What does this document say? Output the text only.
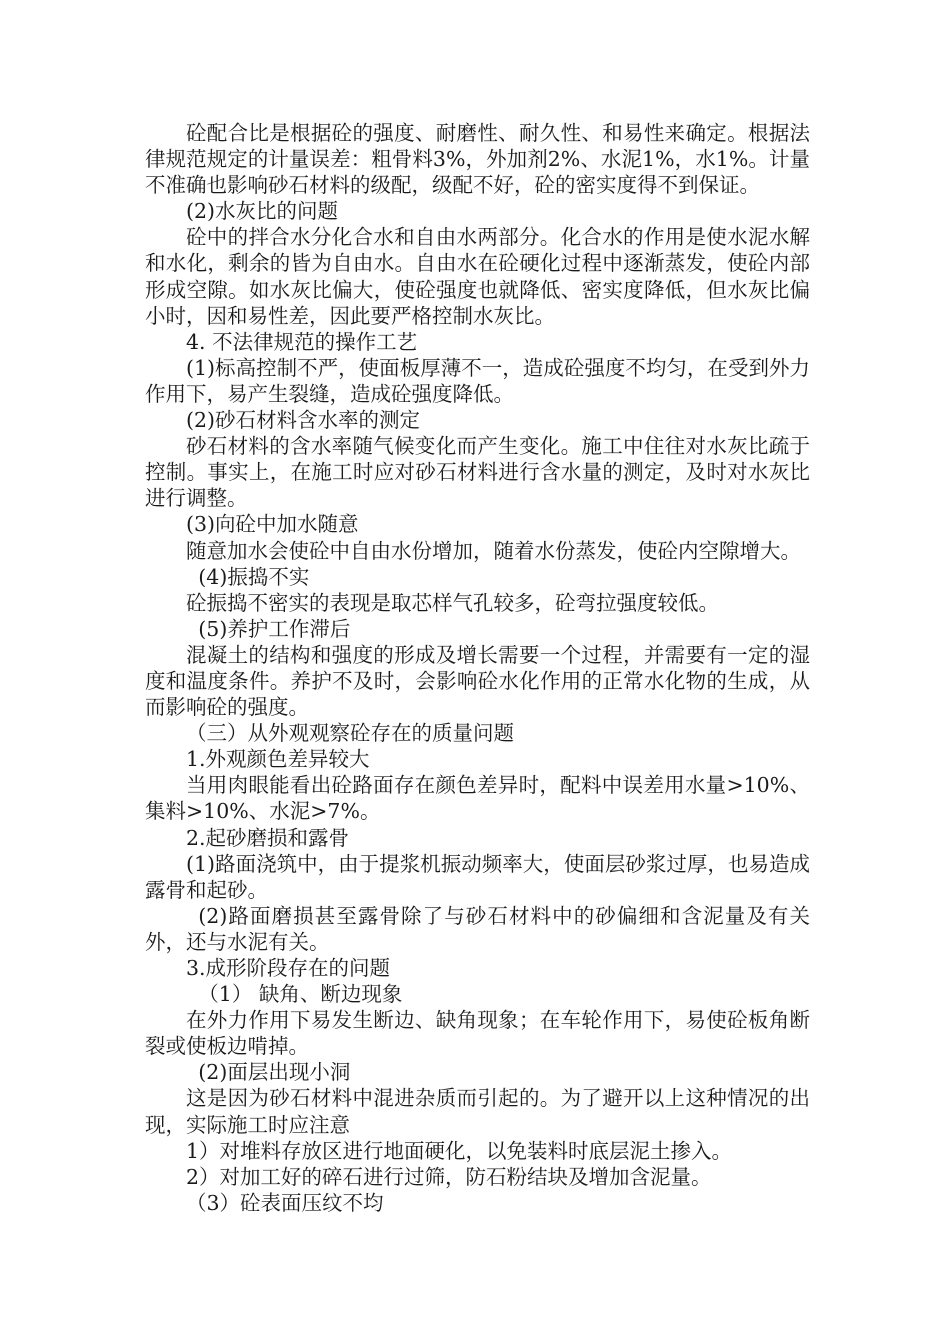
砼配合比是根据砼的强度、耐磨性、耐久性、和易性来确定。根据法律规范规定的计量误差：粗骨料3%，外加剂2%、水泥1%，水1%。计量不准确也影响砂石材料的级配，级配不好，砼的密实度得不到保证。

(2)水灰比的问题

砼中的拌合水分化合水和自由水两部分。化合水的作用是使水泥水解和水化，剩余的皆为自由水。自由水在砼硬化过程中逐渐蒸发，使砼内部形成空隙。如水灰比偏大，使砼强度也就降低、密实度降低，但水灰比偏小时，因和易性差，因此要严格控制水灰比。

4. 不法律规范的操作工艺

(1)标高控制不严，使面板厚薄不一，造成砼强度不均匀，在受到外力作用下，易产生裂缝，造成砼强度降低。

(2)砂石材料含水率的测定

砂石材料的含水率随气候变化而产生变化。施工中住往对水灰比疏于控制。事实上，在施工时应对砂石材料进行含水量的测定，及时对水灰比进行调整。

(3)向砼中加水随意

随意加水会使砼中自由水份增加，随着水份蒸发，使砼内空隙增大。

(4)振捣不实

砼振捣不密实的表现是取芯样气孔较多，砼弯拉强度较低。

(5)养护工作滞后

混凝土的结构和强度的形成及增长需要一个过程，并需要有一定的湿度和温度条件。养护不及时，会影响砼水化作用的正常水化物的生成，从而影响砼的强度。

（三）从外观观察砼存在的质量问题

1.外观颜色差异较大

当用肉眼能看出砼路面存在颜色差异时，配料中误差用水量>10%、集料>10%、水泥>7%。

2.起砂磨损和露骨

(1)路面浇筑中，由于提浆机振动频率大，使面层砂浆过厚，也易造成露骨和起砂。

(2)路面磨损甚至露骨除了与砂石材料中的砂偏细和含泥量及有关外，还与水泥有关。

3.成形阶段存在的问题

（1） 缺角、断边现象

在外力作用下易发生断边、缺角现象；在车轮作用下，易使砼板角断裂或使板边啃掉。

(2)面层出现小洞

这是因为砂石材料中混进杂质而引起的。为了避开以上这种情况的出现，实际施工时应注意

1）对堆料存放区进行地面硬化，以免装料时底层泥土掺入。

2）对加工好的碎石进行过筛，防石粉结块及增加含泥量。

（3）砼表面压纹不均
